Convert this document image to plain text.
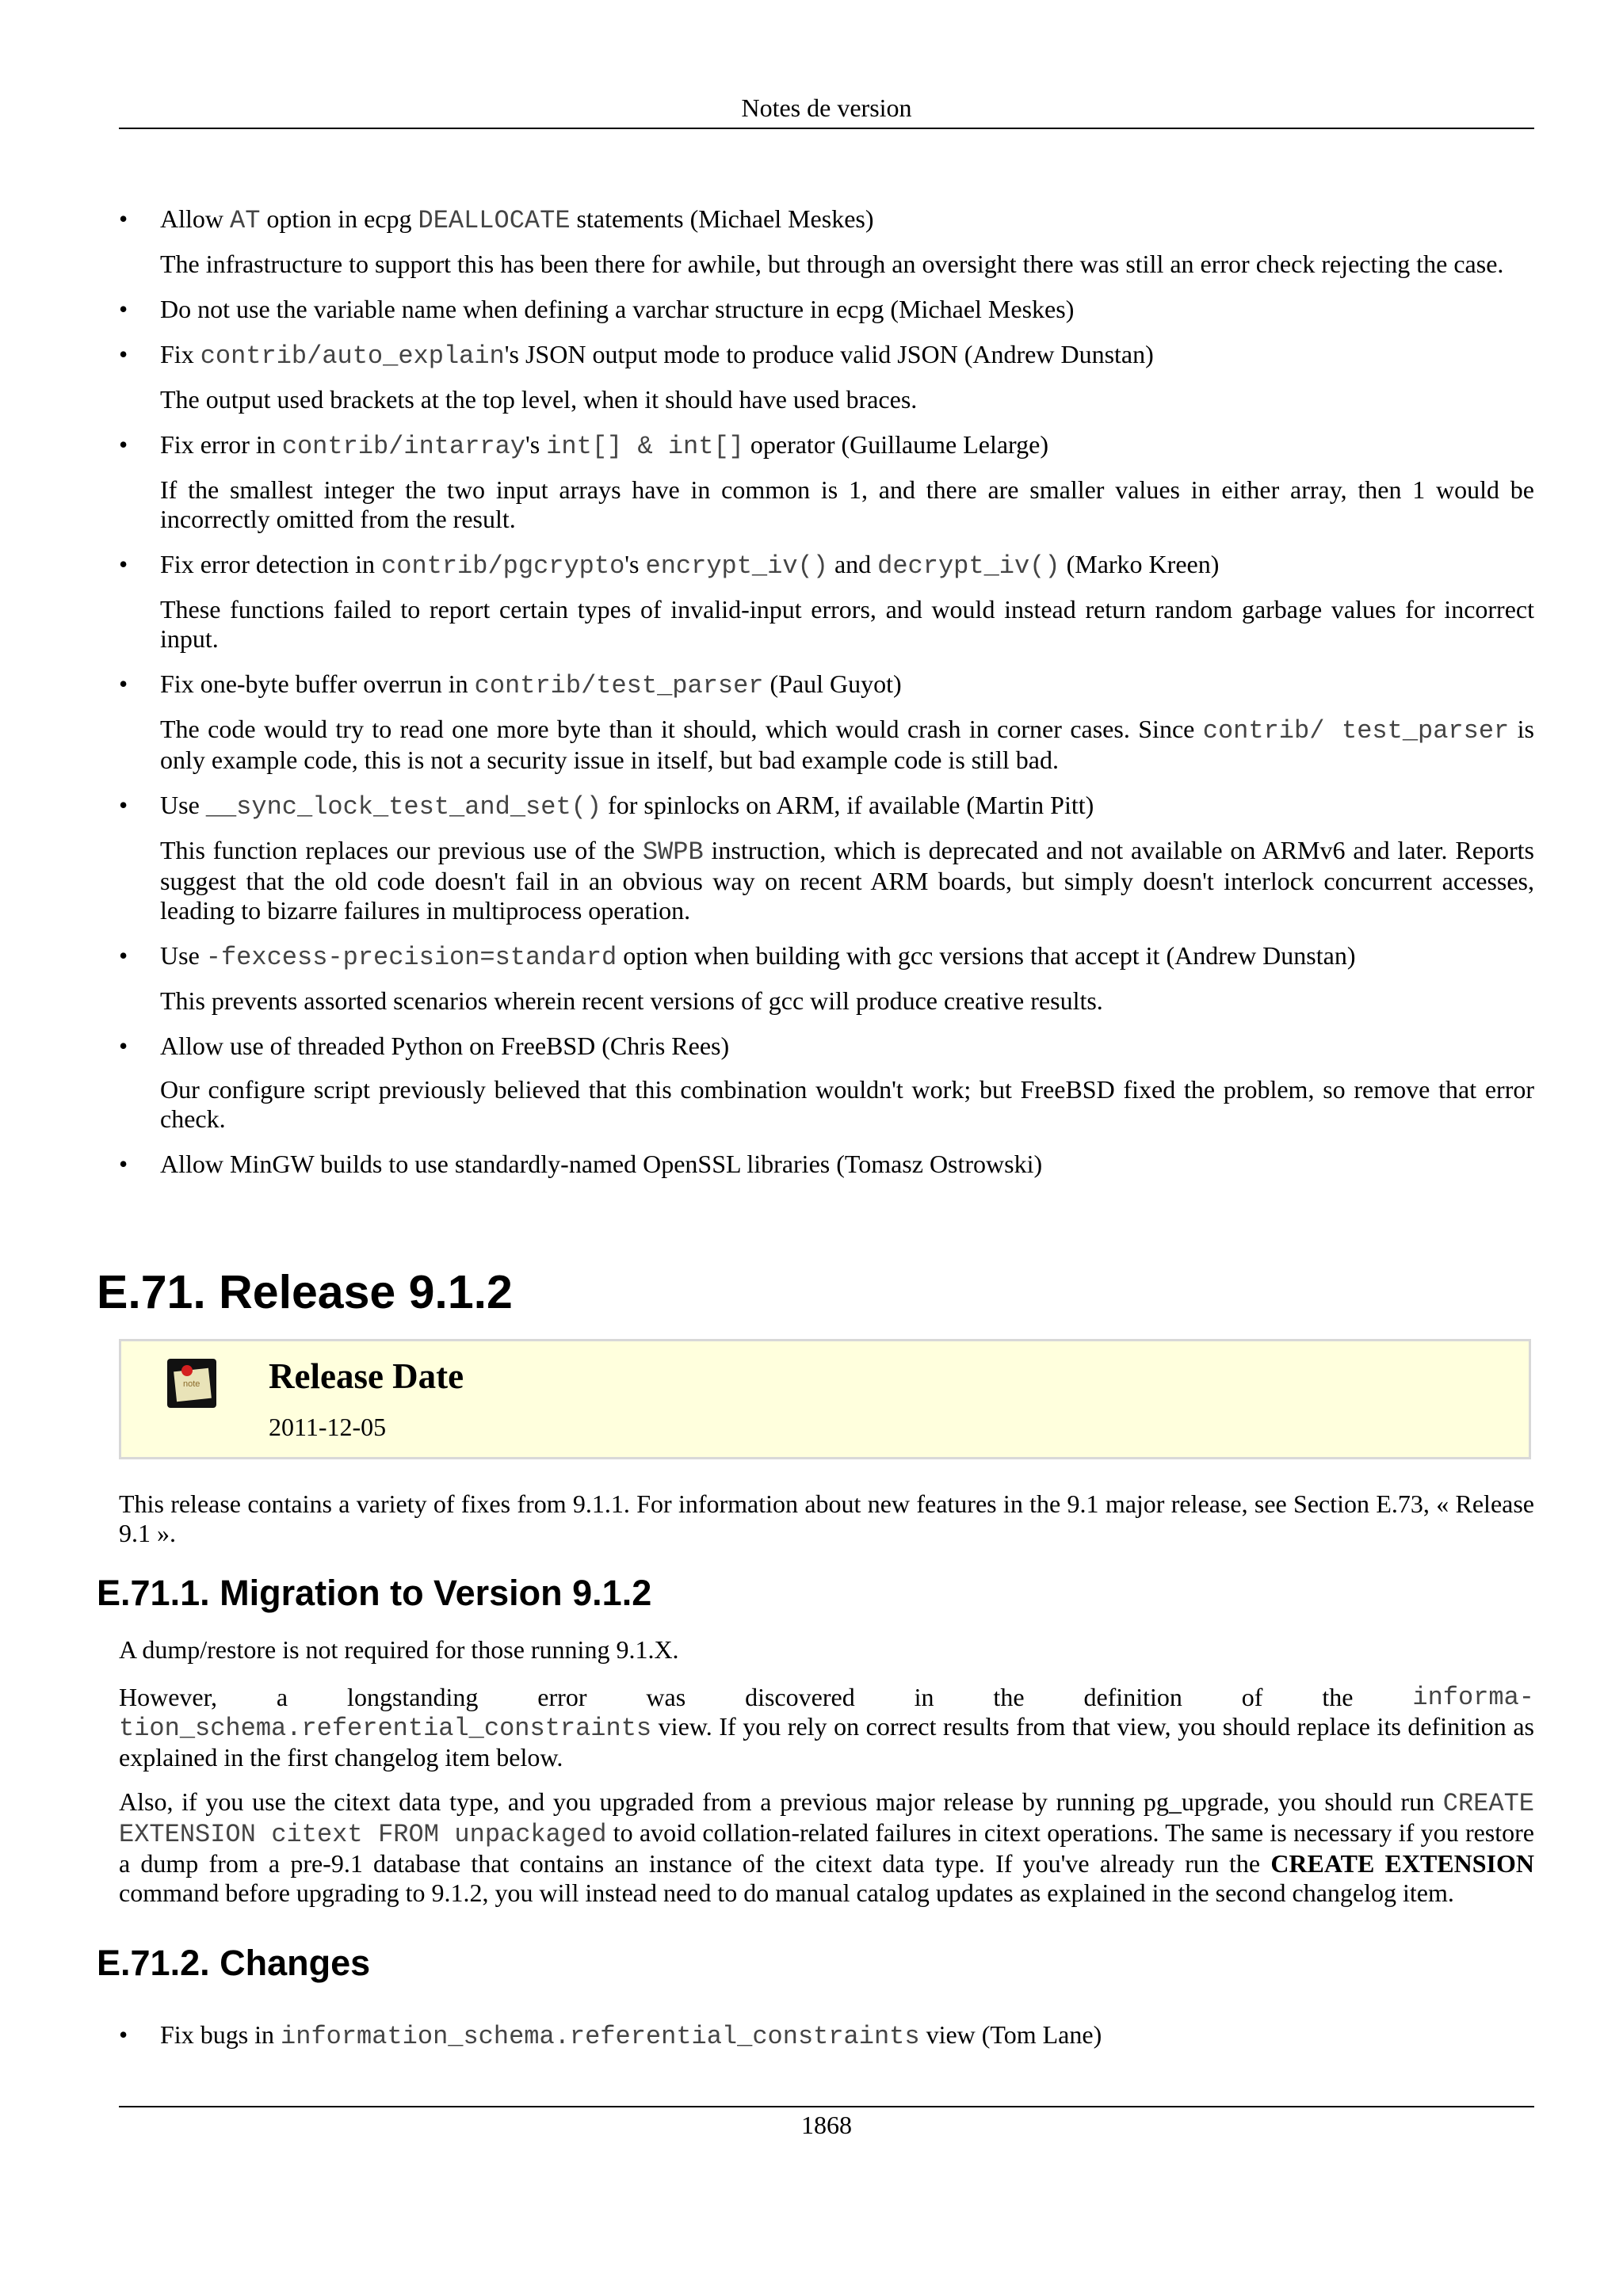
Notes de version

• Allow AT option in ecpg DEALLOCATE statements (Michael Meskes)

The infrastructure to support this has been there for awhile, but through an oversight there was still an error check rejecting the case.

• Do not use the variable name when defining a varchar structure in ecpg (Michael Meskes)

• Fix contrib/auto_explain's JSON output mode to produce valid JSON (Andrew Dunstan)

The output used brackets at the top level, when it should have used braces.

• Fix error in contrib/intarray's int[] & int[] operator (Guillaume Lelarge)

If the smallest integer the two input arrays have in common is 1, and there are smaller values in either array, then 1 would be incorrectly omitted from the result.

• Fix error detection in contrib/pgcrypto's encrypt_iv() and decrypt_iv() (Marko Kreen)

These functions failed to report certain types of invalid-input errors, and would instead return random garbage values for incorrect input.

• Fix one-byte buffer overrun in contrib/test_parser (Paul Guyot)

The code would try to read one more byte than it should, which would crash in corner cases. Since contrib/ test_parser is only example code, this is not a security issue in itself, but bad example code is still bad.

• Use __sync_lock_test_and_set() for spinlocks on ARM, if available (Martin Pitt)

This function replaces our previous use of the SWPB instruction, which is deprecated and not available on ARMv6 and later. Reports suggest that the old code doesn't fail in an obvious way on recent ARM boards, but simply doesn't interlock concurrent accesses, leading to bizarre failures in multiprocess operation.

• Use -fexcess-precision=standard option when building with gcc versions that accept it (Andrew Dunstan)

This prevents assorted scenarios wherein recent versions of gcc will produce creative results.

• Allow use of threaded Python on FreeBSD (Chris Rees)

Our configure script previously believed that this combination wouldn't work; but FreeBSD fixed the problem, so remove that error check.

• Allow MinGW builds to use standardly-named OpenSSL libraries (Tomasz Ostrowski)

E.71. Release 9.1.2
note Release Date
2011-12-05

This release contains a variety of fixes from 9.1.1. For information about new features in the 9.1 major release, see Section E.73, « Release 9.1 ».

E.71.1. Migration to Version 9.1.2

A dump/restore is not required for those running 9.1.X.

However, a longstanding error was discovered in the definition of the informa-
tion_schema.referential_constraints view. If you rely on correct results from that view, you should replace its definition as explained in the first changelog item below.

Also, if you use the citext data type, and you upgraded from a previous major release by running pg_upgrade, you should run CREATE EXTENSION citext FROM unpackaged to avoid collation-related failures in citext operations. The same is necessary if you restore a dump from a pre-9.1 database that contains an instance of the citext data type. If you've already run the CREATE EXTENSION command before upgrading to 9.1.2, you will instead need to do manual catalog updates as explained in the second changelog item.

E.71.2. Changes
• Fix bugs in information_schema.referential_constraints view (Tom Lane)
1868
